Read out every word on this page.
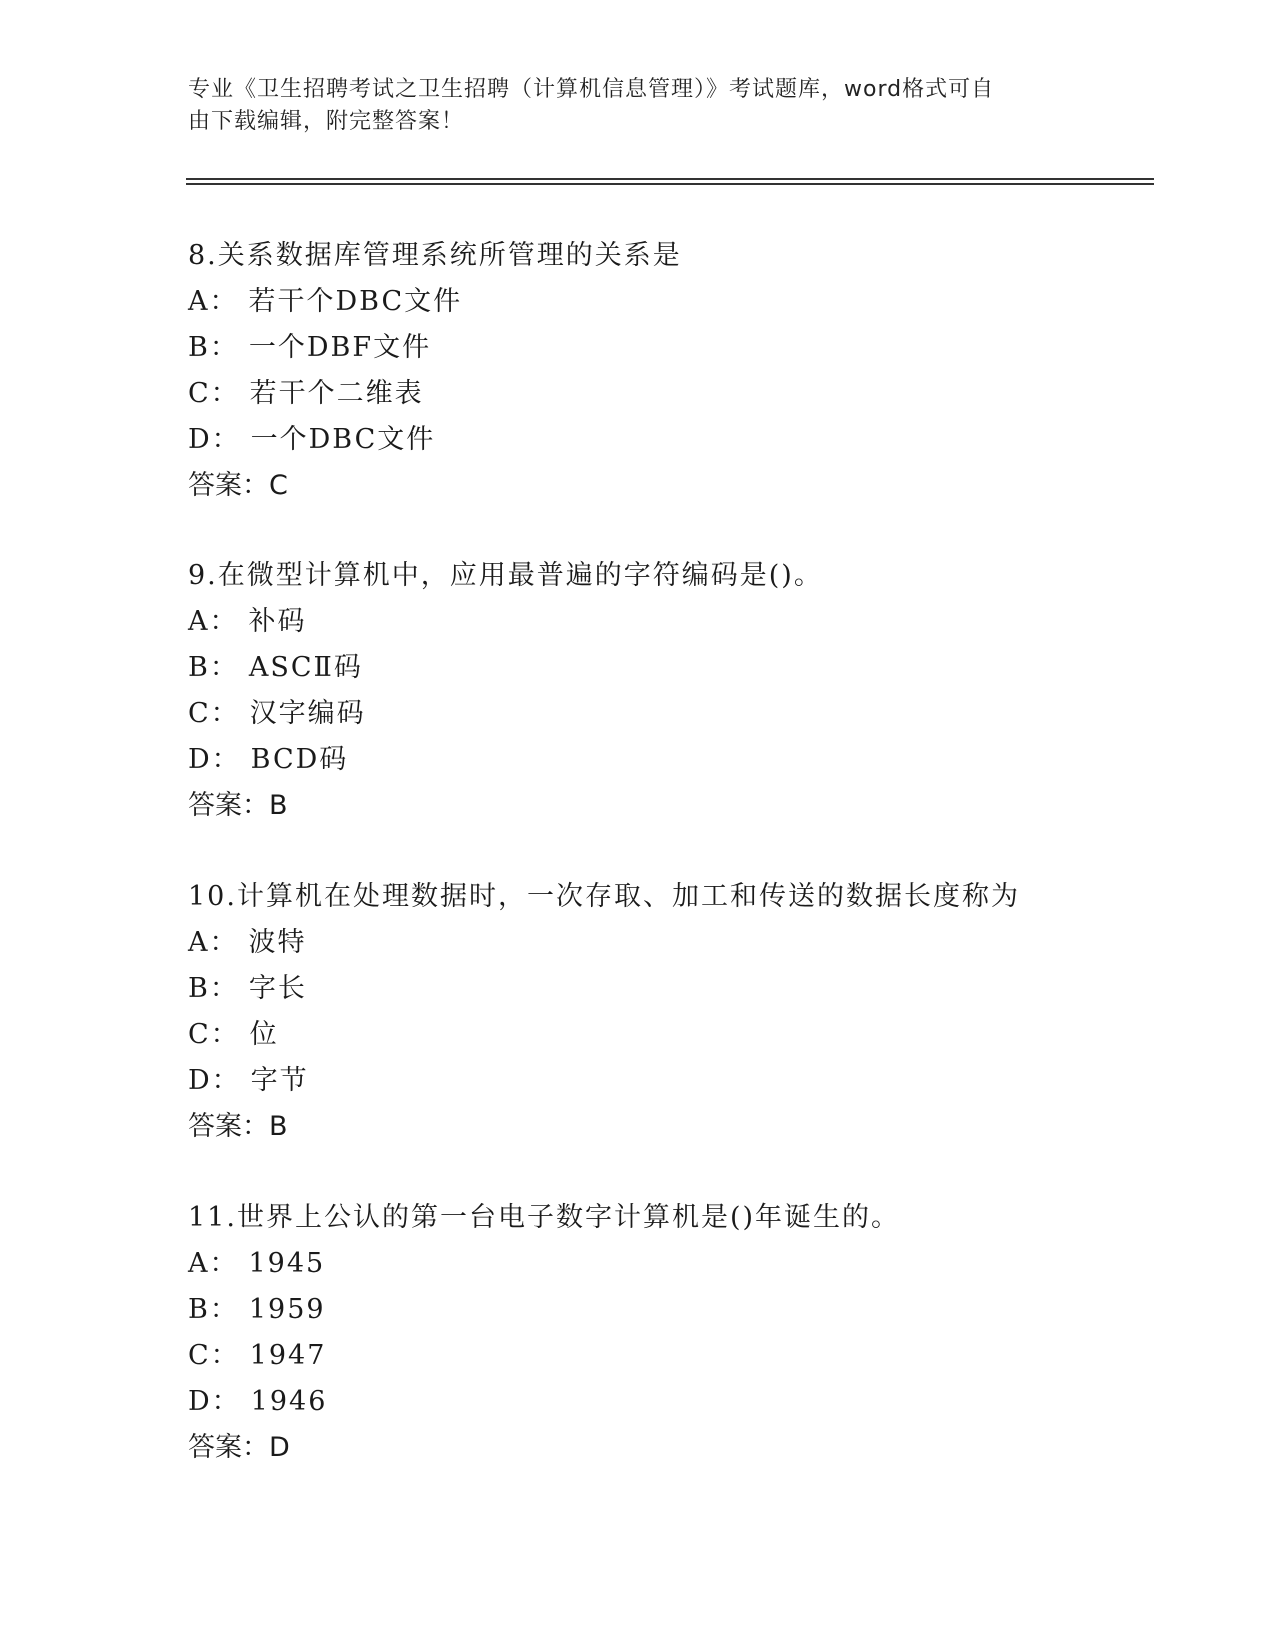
专业《卫生招聘考试之卫生招聘（计算机信息管理）》考试题库，word格式可自
由下载编辑，附完整答案！
8.关系数据库管理系统所管理的关系是
A： 若干个DBC文件
B： 一个DBF文件
C： 若干个二维表
D： 一个DBC文件
答案：C
9.在微型计算机中，应用最普遍的字符编码是()。
A： 补码
B： ASCⅡ码
C： 汉字编码
D： BCD码
答案：B
10.计算机在处理数据时，一次存取、加工和传送的数据长度称为
A： 波特
B： 字长
C： 位
D： 字节
答案：B
11.世界上公认的第一台电子数字计算机是()年诞生的。
A： 1945
B： 1959
C： 1947
D： 1946
答案：D
